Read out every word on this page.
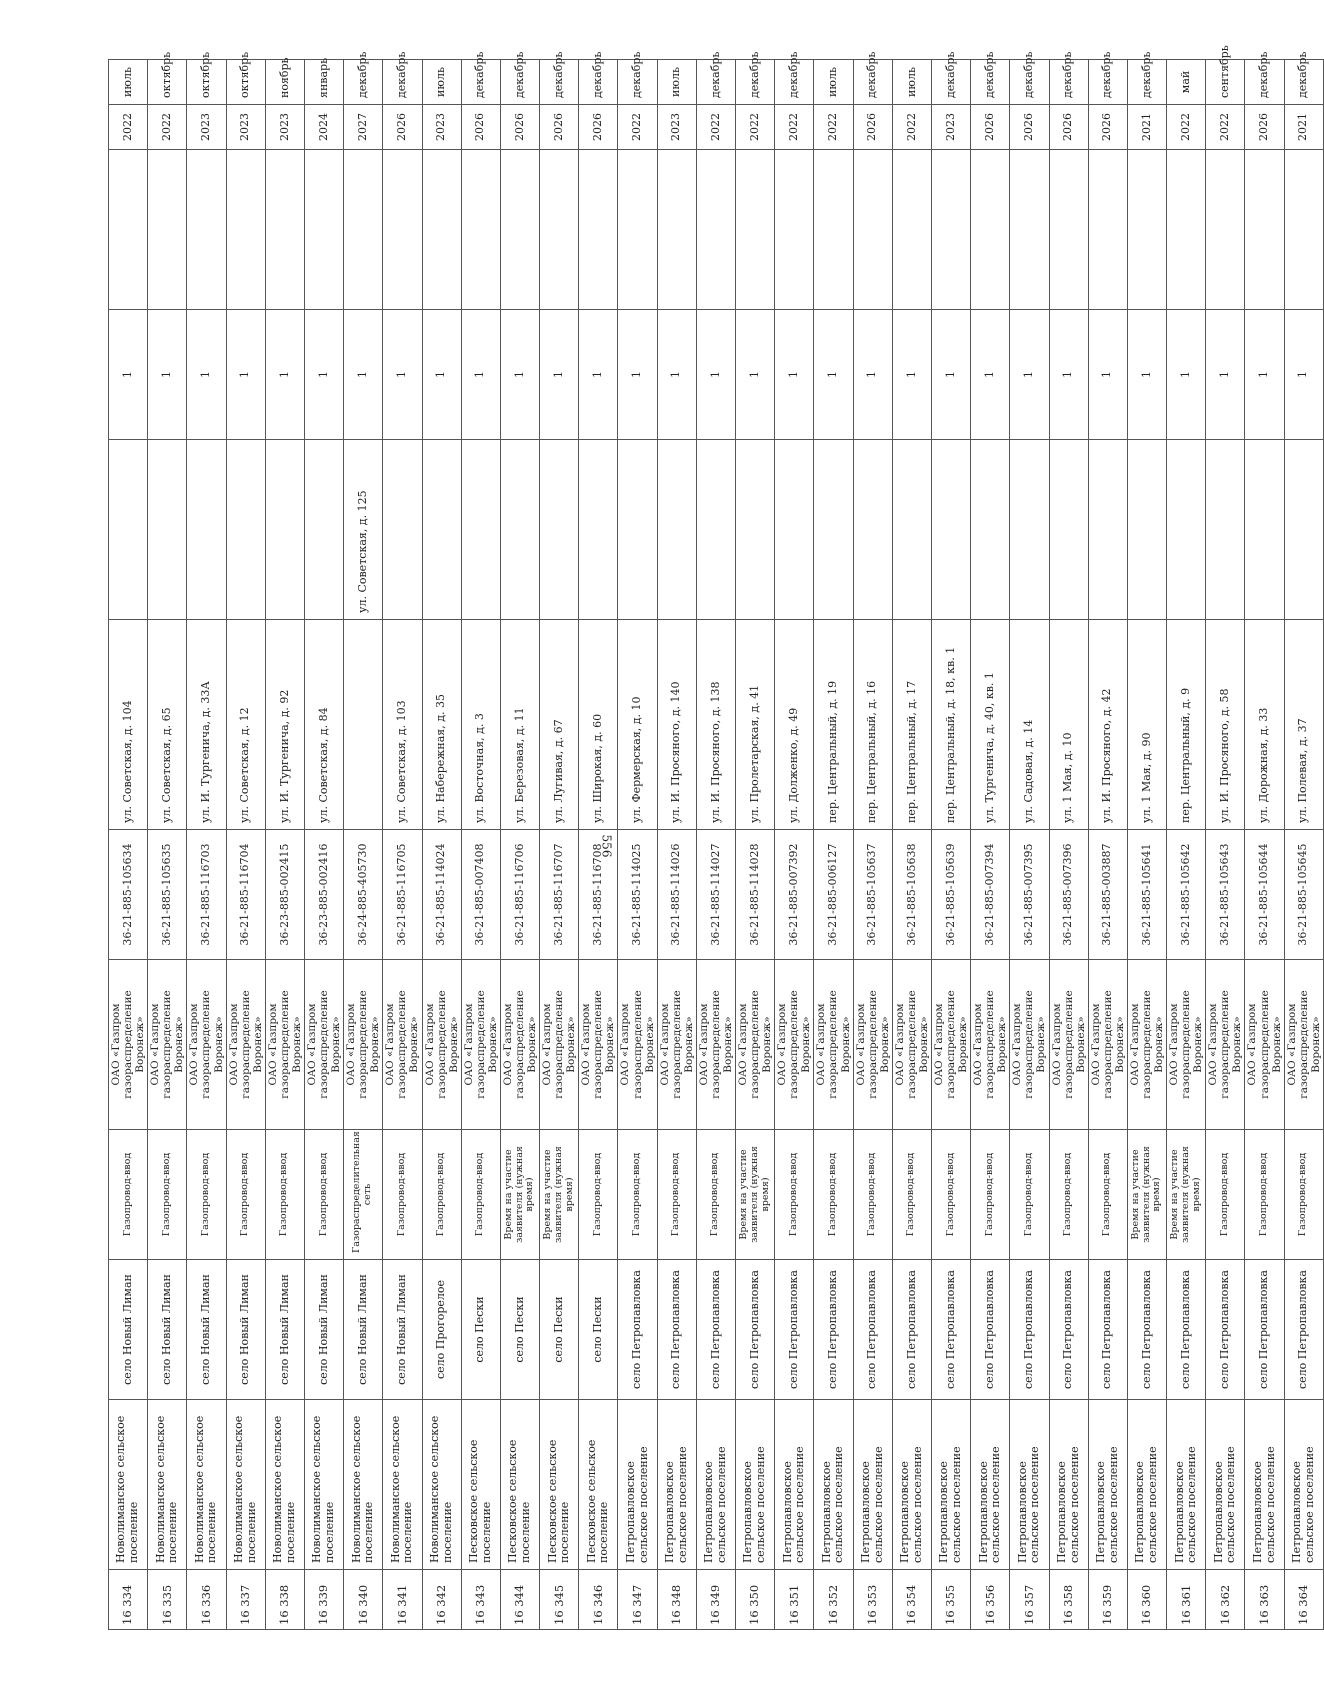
556
16 334	Новолиманское сельское поселение	село Новый Лиман	Газопровод-ввод	ОАО «Газпром газораспределение Воронеж»	36-21-885-105634	ул. Советская, д. 104		1		2022	июль
16 335	Новолиманское сельское поселение	село Новый Лиман	Газопровод-ввод	ОАО «Газпром газораспределение Воронеж»	36-21-885-105635	ул. Советская, д. 65		1		2022	октябрь
16 336	Новолиманское сельское поселение	село Новый Лиман	Газопровод-ввод	ОАО «Газпром газораспределение Воронеж»	36-21-885-116703	ул. И. Тургенича, д. 33А		1		2023	октябрь
16 337	Новолиманское сельское поселение	село Новый Лиман	Газопровод-ввод	ОАО «Газпром газораспределение Воронеж»	36-21-885-116704	ул. Советская, д. 12		1		2023	октябрь
16 338	Новолиманское сельское поселение	село Новый Лиман	Газопровод-ввод	ОАО «Газпром газораспределение Воронеж»	36-23-885-002415	ул. И. Тургенича, д. 92		1		2023	ноябрь
16 339	Новолиманское сельское поселение	село Новый Лиман	Газопровод-ввод	ОАО «Газпром газораспределение Воронеж»	36-23-885-002416	ул. Советская, д. 84		1		2024	январь
16 340	Новолиманское сельское поселение	село Новый Лиман	Газораспределительная сеть	ОАО «Газпром газораспределение Воронеж»	36-24-885-405730		ул. Советская, д. 125	1		2027	декабрь
16 341	Новолиманское сельское поселение	село Новый Лиман	Газопровод-ввод	ОАО «Газпром газораспределение Воронеж»	36-21-885-116705	ул. Советская, д. 103		1		2026	декабрь
16 342	Новолиманское сельское поселение	село Прогорелое	Газопровод-ввод	ОАО «Газпром газораспределение Воронеж»	36-21-885-114024	ул. Набережная, д. 35		1		2023	июль
16 343	Песковское сельское поселение	село Пески	Газопровод-ввод	ОАО «Газпром газораспределение Воронеж»	36-21-885-007408	ул. Восточная, д. 3		1		2026	декабрь
16 344	Песковское сельское поселение	село Пески	Время на участие заявителя (нужная время)	ОАО «Газпром газораспределение Воронеж»	36-21-885-116706	ул. Березовая, д. 11		1		2026	декабрь
16 345	Песковское сельское поселение	село Пески	Время на участие заявителя (нужная время)	ОАО «Газпром газораспределение Воронеж»	36-21-885-116707	ул. Лугивая, д. 67		1		2026	декабрь
16 346	Песковское сельское поселение	село Пески	Газопровод-ввод	ОАО «Газпром газораспределение Воронеж»	36-21-885-116708	ул. Широкая, д. 60		1		2026	декабрь
16 347	Петропавловское сельское поселение	село Петропавловка	Газопровод-ввод	ОАО «Газпром газораспределение Воронеж»	36-21-885-114025	ул. Фермерская, д. 10		1		2022	декабрь
16 348	Петропавловское сельское поселение	село Петропавловка	Газопровод-ввод	ОАО «Газпром газораспределение Воронеж»	36-21-885-114026	ул. И. Просяного, д. 140		1		2023	июль
16 349	Петропавловское сельское поселение	село Петропавловка	Газопровод-ввод	ОАО «Газпром газораспределение Воронеж»	36-21-885-114027	ул. И. Просяного, д. 138		1		2022	декабрь
16 350	Петропавловское сельское поселение	село Петропавловка	Время на участие заявителя (нужная время)	ОАО «Газпром газораспределение Воронеж»	36-21-885-114028	ул. Пролетарская, д. 41		1		2022	декабрь
16 351	Петропавловское сельское поселение	село Петропавловка	Газопровод-ввод	ОАО «Газпром газораспределение Воронеж»	36-21-885-007392	ул. Долженко, д. 49		1		2022	декабрь
16 352	Петропавловское сельское поселение	село Петропавловка	Газопровод-ввод	ОАО «Газпром газораспределение Воронеж»	36-21-885-006127	пер. Центральный, д. 19		1		2022	июль
16 353	Петропавловское сельское поселение	село Петропавловка	Газопровод-ввод	ОАО «Газпром газораспределение Воронеж»	36-21-885-105637	пер. Центральный, д. 16		1		2026	декабрь
16 354	Петропавловское сельское поселение	село Петропавловка	Газопровод-ввод	ОАО «Газпром газораспределение Воронеж»	36-21-885-105638	пер. Центральный, д. 17		1		2022	июль
16 355	Петропавловское сельское поселение	село Петропавловка	Газопровод-ввод	ОАО «Газпром газораспределение Воронеж»	36-21-885-105639	пер. Центральный, д. 18, кв. 1		1		2023	декабрь
16 356	Петропавловское сельское поселение	село Петропавловка	Газопровод-ввод	ОАО «Газпром газораспределение Воронеж»	36-21-885-007394	ул. Тургенича, д. 40, кв. 1		1		2026	декабрь
16 357	Петропавловское сельское поселение	село Петропавловка	Газопровод-ввод	ОАО «Газпром газораспределение Воронеж»	36-21-885-007395	ул. Садовая, д. 14		1		2026	декабрь
16 358	Петропавловское сельское поселение	село Петропавловка	Газопровод-ввод	ОАО «Газпром газораспределение Воронеж»	36-21-885-007396	ул. 1 Мая, д. 10		1		2026	декабрь
16 359	Петропавловское сельское поселение	село Петропавловка	Газопровод-ввод	ОАО «Газпром газораспределение Воронеж»	36-21-885-003887	ул. И. Просяного, д. 42		1		2026	декабрь
16 360	Петропавловское сельское поселение	село Петропавловка	Время на участие заявителя (нужная время)	ОАО «Газпром газораспределение Воронеж»	36-21-885-105641	ул. 1 Мая, д. 90		1		2021	декабрь
16 361	Петропавловское сельское поселение	село Петропавловка	Время на участие заявителя (нужная время)	ОАО «Газпром газораспределение Воронеж»	36-21-885-105642	пер. Центральный, д. 9		1		2022	май
16 362	Петропавловское сельское поселение	село Петропавловка	Газопровод-ввод	ОАО «Газпром газораспределение Воронеж»	36-21-885-105643	ул. И. Просяного, д. 58		1		2022	сентябрь
16 363	Петропавловское сельское поселение	село Петропавловка	Газопровод-ввод	ОАО «Газпром газораспределение Воронеж»	36-21-885-105644	ул. Дорожная, д. 33		1		2026	декабрь
16 364	Петропавловское сельское поселение	село Петропавловка	Газопровод-ввод	ОАО «Газпром газораспределение Воронеж»	36-21-885-105645	ул. Полевая, д. 37		1		2021	декабрь
